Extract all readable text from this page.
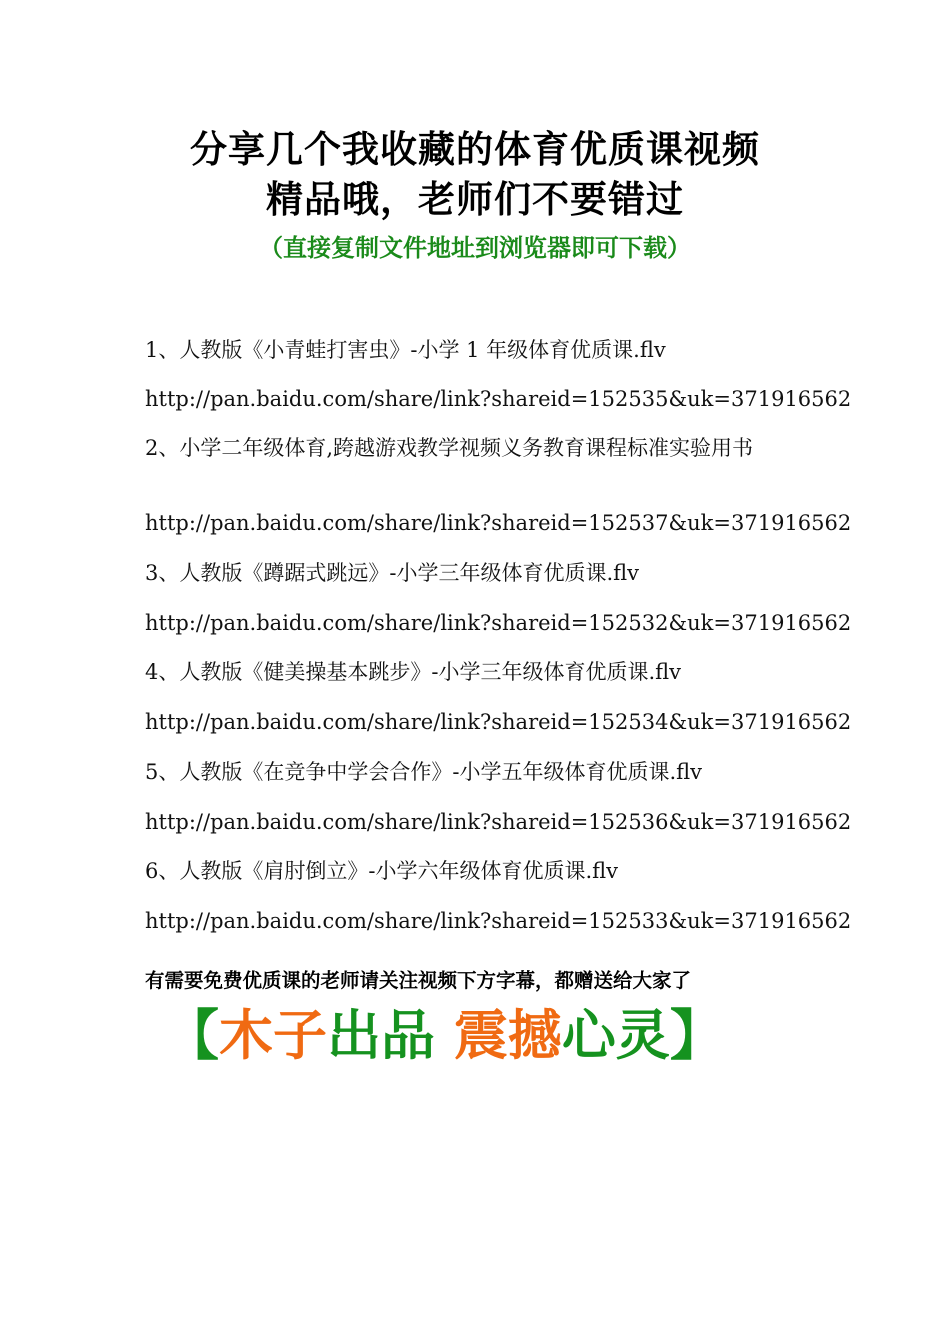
分享几个我收藏的体育优质课视频
精品哦，老师们不要错过
（直接复制文件地址到浏览器即可下载）
1、人教版《小青蛙打害虫》-小学 1 年级体育优质课.flv
http://pan.baidu.com/share/link?shareid=152535&uk=371916562
2、小学二年级体育,跨越游戏教学视频义务教育课程标准实验用书
http://pan.baidu.com/share/link?shareid=152537&uk=371916562
3、人教版《蹲踞式跳远》-小学三年级体育优质课.flv
http://pan.baidu.com/share/link?shareid=152532&uk=371916562
4、人教版《健美操基本跳步》-小学三年级体育优质课.flv
http://pan.baidu.com/share/link?shareid=152534&uk=371916562
5、人教版《在竞争中学会合作》-小学五年级体育优质课.flv
http://pan.baidu.com/share/link?shareid=152536&uk=371916562
6、人教版《肩肘倒立》-小学六年级体育优质课.flv
http://pan.baidu.com/share/link?shareid=152533&uk=371916562
有需要免费优质课的老师请关注视频下方字幕，都赠送给大家了
【木子出品 震撼心灵】
